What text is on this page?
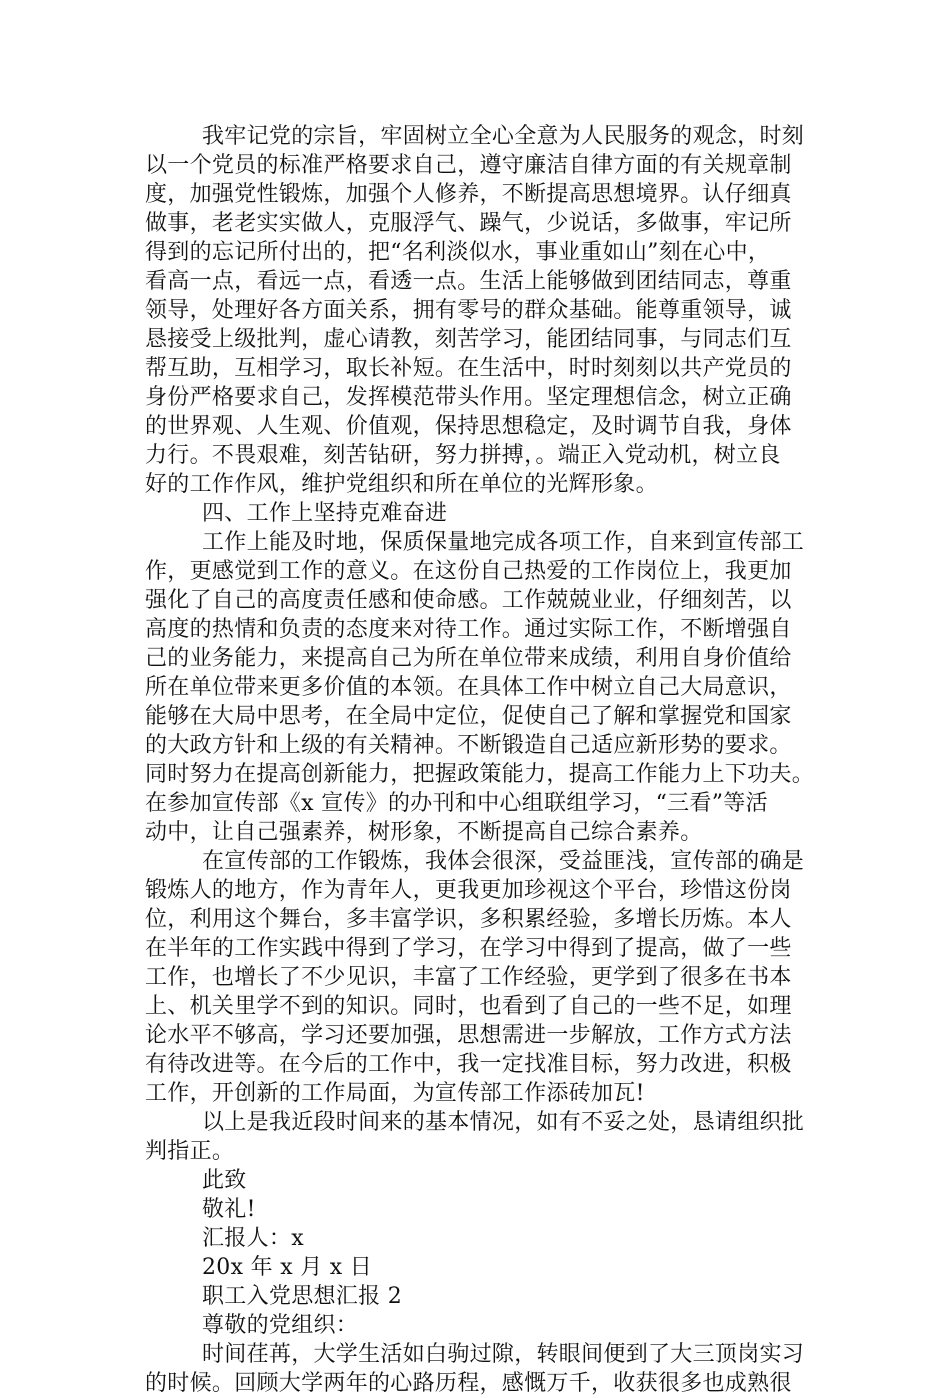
我牢记党的宗旨，牢固树立全心全意为人民服务的观念，时刻
以一个党员的标准严格要求自己，遵守廉洁自律方面的有关规章制
度，加强党性锻炼，加强个人修养，不断提高思想境界。认仔细真
做事，老老实实做人，克服浮气、躁气，少说话，多做事，牢记所
得到的忘记所付出的，把“名利淡似水，事业重如山”刻在心中，
看高一点，看远一点，看透一点。生活上能够做到团结同志，尊重
领导，处理好各方面关系，拥有零号的群众基础。能尊重领导，诚
恳接受上级批判，虚心请教，刻苦学习，能团结同事，与同志们互
帮互助，互相学习，取长补短。在生活中，时时刻刻以共产党员的
身份严格要求自己，发挥模范带头作用。坚定理想信念，树立正确
的世界观、人生观、价值观，保持思想稳定，及时调节自我，身体
力行。不畏艰难，刻苦钻研，努力拼搏，。端正入党动机，树立良
好的工作作风，维护党组织和所在单位的光辉形象。
四、工作上坚持克难奋进
工作上能及时地，保质保量地完成各项工作，自来到宣传部工
作，更感觉到工作的意义。在这份自己热爱的工作岗位上，我更加
强化了自己的高度责任感和使命感。工作兢兢业业，仔细刻苦，以
高度的热情和负责的态度来对待工作。通过实际工作，不断增强自
己的业务能力，来提高自己为所在单位带来成绩，利用自身价值给
所在单位带来更多价值的本领。在具体工作中树立自己大局意识，
能够在大局中思考，在全局中定位，促使自己了解和掌握党和国家
的大政方针和上级的有关精神。不断锻造自己适应新形势的要求。
同时努力在提高创新能力，把握政策能力，提高工作能力上下功夫。
在参加宣传部《x 宣传》的办刊和中心组联组学习，“三看”等活
动中，让自己强素养，树形象，不断提高自己综合素养。
在宣传部的工作锻炼，我体会很深，受益匪浅，宣传部的确是
锻炼人的地方，作为青年人，更我更加珍视这个平台，珍惜这份岗
位，利用这个舞台，多丰富学识，多积累经验，多增长历炼。本人
在半年的工作实践中得到了学习，在学习中得到了提高，做了一些
工作，也增长了不少见识，丰富了工作经验，更学到了很多在书本
上、机关里学不到的知识。同时，也看到了自己的一些不足，如理
论水平不够高，学习还要加强，思想需进一步解放，工作方式方法
有待改进等。在今后的工作中，我一定找准目标，努力改进，积极
工作，开创新的工作局面，为宣传部工作添砖加瓦!
以上是我近段时间来的基本情况，如有不妥之处，恳请组织批
判指正。
此致
敬礼!
汇报人：x
20x 年 x 月 x 日
职工入党思想汇报 2
尊敬的党组织：
时间荏苒，大学生活如白驹过隙，转眼间便到了大三顶岗实习
的时候。回顾大学两年的心路历程，感慨万千，收获很多也成熟很
